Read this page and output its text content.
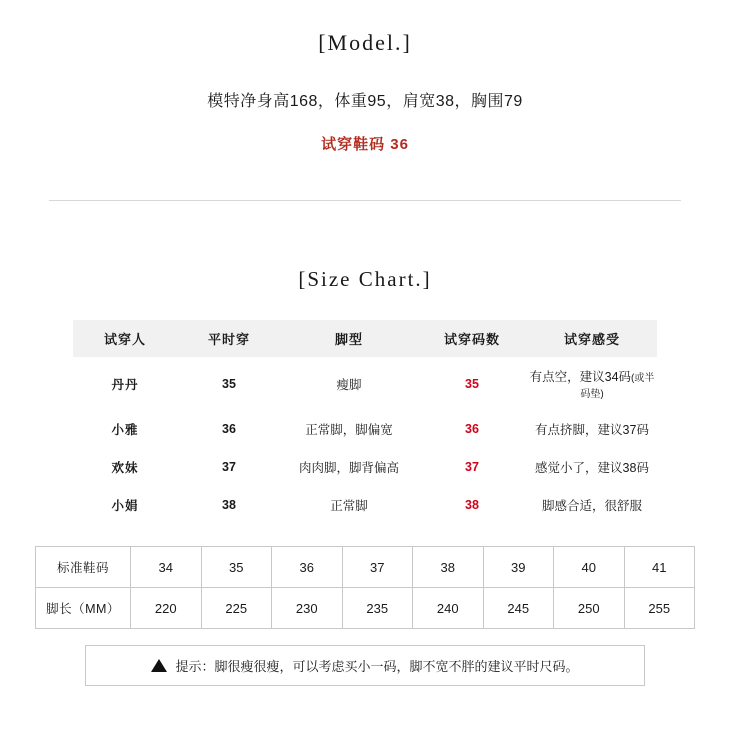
[Model.]
模特净身高168，体重95，肩宽38，胸围79
试穿鞋码 36
[Size Chart.]
试穿人	平时穿	脚型	试穿码数	试穿感受
丹丹	35	瘦脚	35	有点空，建议34码(或半码垫)
小雅	36	正常脚，脚偏宽	36	有点挤脚，建议37码
欢妹	37	肉肉脚，脚背偏高	37	感觉小了，建议38码
小娟	38	正常脚	38	脚感合适，很舒服
标准鞋码	34	35	36	37	38	39	40	41
脚长（MM）	220	225	230	235	240	245	250	255
提示：脚很瘦很瘦，可以考虑买小一码，脚不宽不胖的建议平时尺码。
